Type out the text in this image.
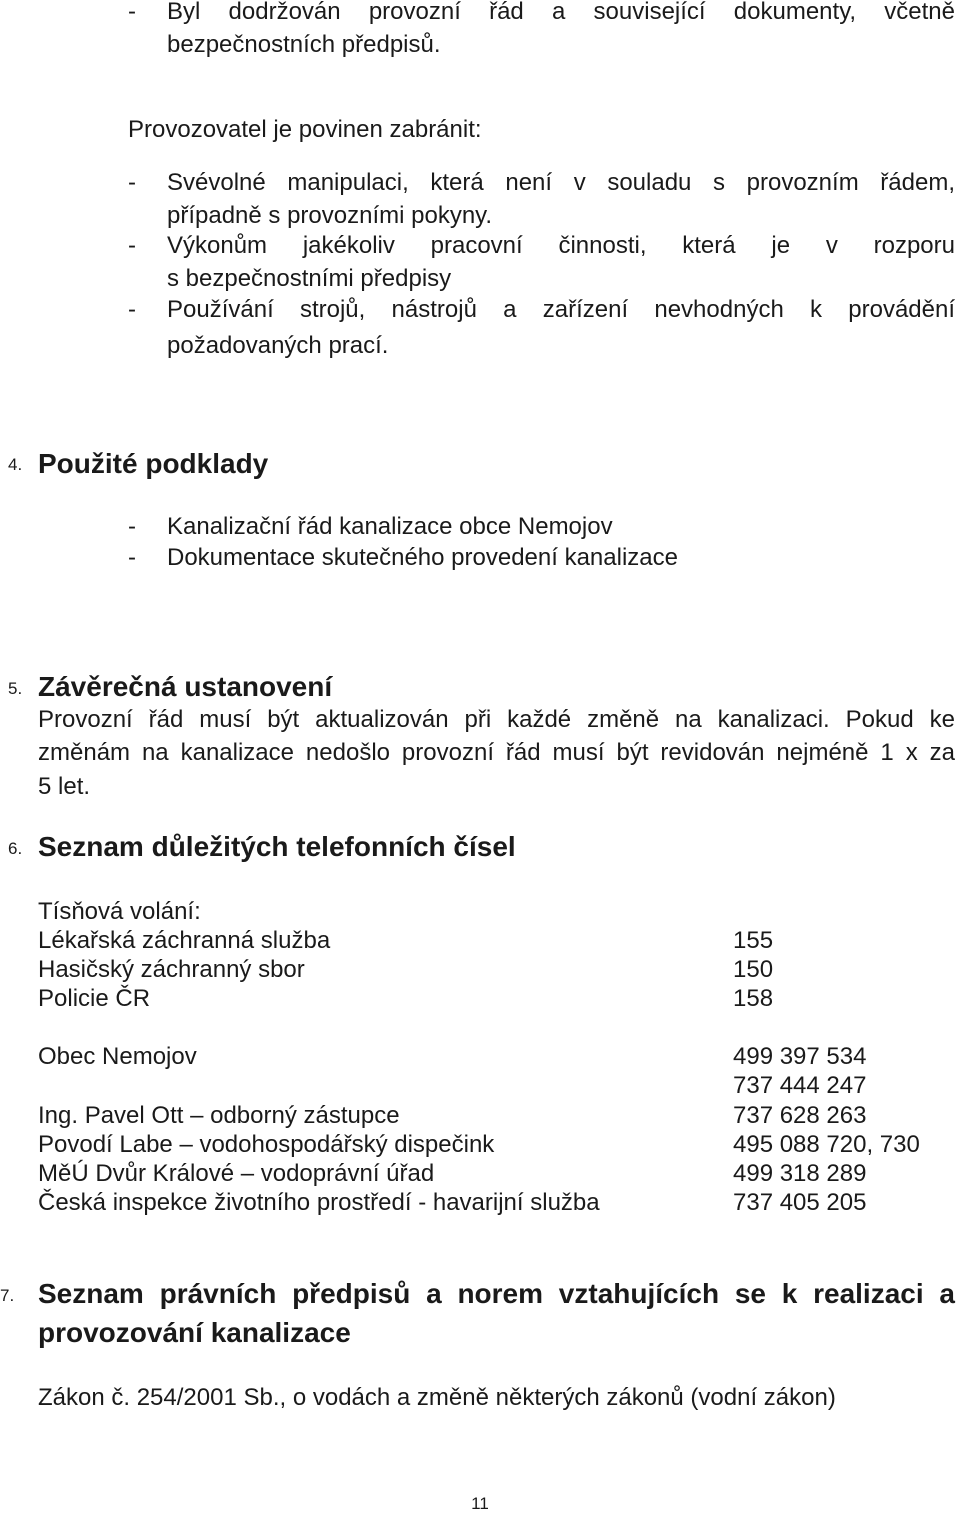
- Byl dodržován provozní řád a související dokumenty, včetně
bezpečnostních předpisů.
Provozovatel je povinen zabránit:
- Svévolné manipulaci, která není v souladu s provozním řádem,
případně s provozními pokyny.
- Výkonům jakékoliv pracovní činnosti, která je v rozporu
s bezpečnostními předpisy
- Používání strojů, nástrojů a zařízení nevhodných k provádění
požadovaných prací.
4. Použité podklady
- Kanalizační řád kanalizace obce Nemojov
- Dokumentace skutečného provedení kanalizace
5. Závěrečná ustanovení
Provozní řád musí být aktualizován při každé změně na kanalizaci. Pokud ke
změnám na kanalizace nedošlo provozní řád musí být revidován nejméně 1 x za
5 let.
6. Seznam důležitých telefonních čísel
Tísňová volání:
Lékařská záchranná služba	155
Hasičský záchranný sbor	150
Policie ČR	158
Obec Nemojov	499 397 534
737 444 247
Ing. Pavel Ott – odborný zástupce	737 628 263
Povodí Labe – vodohospodářský dispečink	495 088 720, 730
MěÚ Dvůr Králové – vodoprávní úřad	499 318 289
Česká inspekce životního prostředí - havarijní služba	737 405 205
7. Seznam právních předpisů a norem vztahujících se k realizaci a
provozování kanalizace
Zákon č. 254/2001 Sb., o vodách a změně některých zákonů (vodní zákon)
11
